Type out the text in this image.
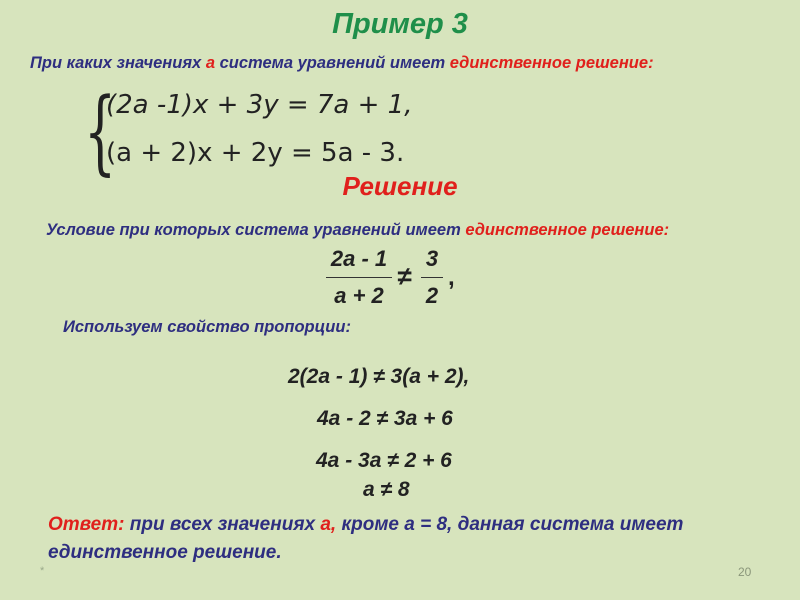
Пример 3
При каких значениях а система уравнений имеет единственное решение:
{
(2a -1)x + 3y = 7a + 1,
(a + 2)x + 2y = 5a - 3.
Решение
Условие при которых система уравнений имеет единственное решение:
2a - 1
a + 2
≠
3
2
,
Используем свойство пропорции:
2(2a - 1) ≠ 3(a + 2),
4a - 2 ≠ 3a + 6
4a - 3a ≠ 2 + 6
a ≠ 8
Ответ: при всех значениях а, кроме а = 8, данная система имеет единственное решение.
*	20
